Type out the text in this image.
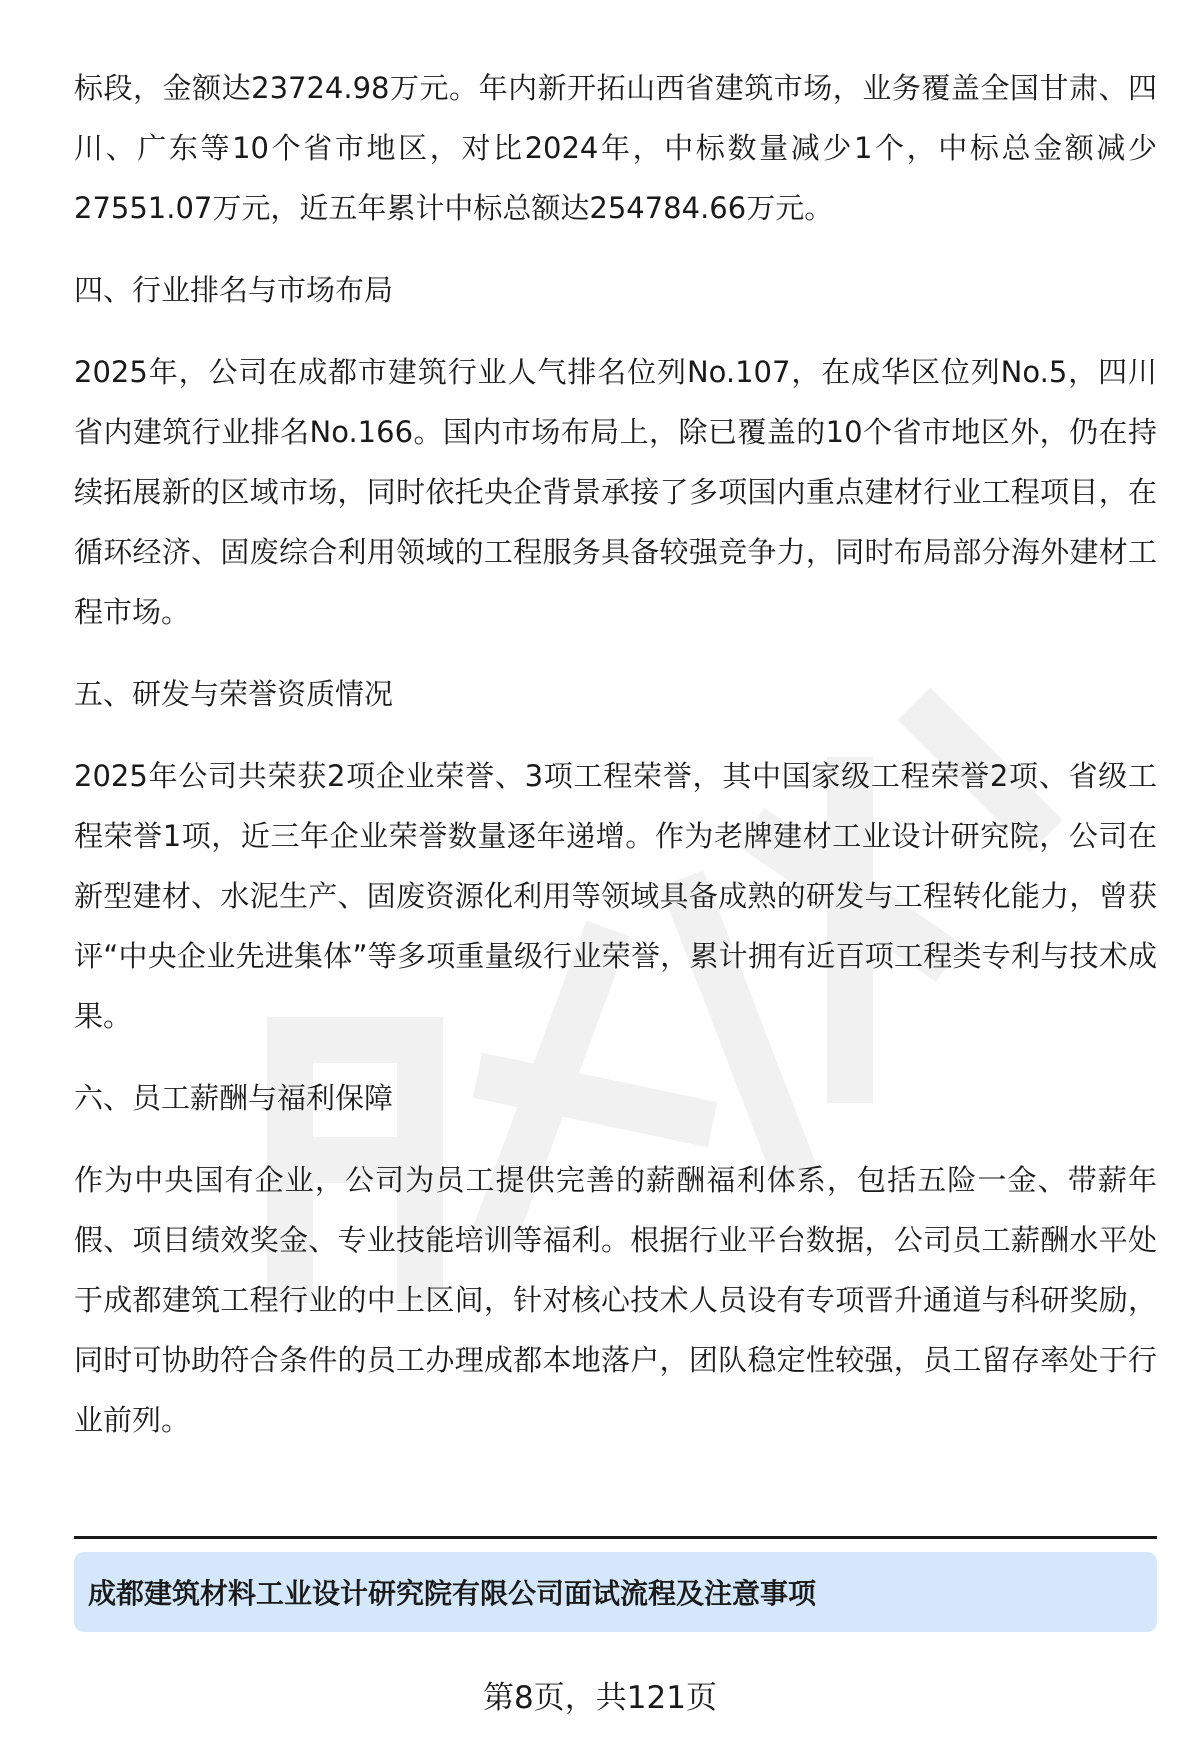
标段，金额达23724.98万元。年内新开拓山西省建筑市场，业务覆盖全国甘肃、四川、广东等10个省市地区，对比2024年，中标数量减少1个，中标总金额减少27551.07万元，近五年累计中标总额达254784.66万元。

四、行业排名与市场布局

2025年，公司在成都市建筑行业人气排名位列No.107，在成华区位列No.5，四川省内建筑行业排名No.166。国内市场布局上，除已覆盖的10个省市地区外，仍在持续拓展新的区域市场，同时依托央企背景承接了多项国内重点建材行业工程项目，在循环经济、固废综合利用领域的工程服务具备较强竞争力，同时布局部分海外建材工程市场。

五、研发与荣誉资质情况

2025年公司共荣获2项企业荣誉、3项工程荣誉，其中国家级工程荣誉2项、省级工程荣誉1项，近三年企业荣誉数量逐年递增。作为老牌建材工业设计研究院，公司在新型建材、水泥生产、固废资源化利用等领域具备成熟的研发与工程转化能力，曾获评“中央企业先进集体”等多项重量级行业荣誉，累计拥有近百项工程类专利与技术成果。

六、员工薪酬与福利保障

作为中央国有企业，公司为员工提供完善的薪酬福利体系，包括五险一金、带薪年假、项目绩效奖金、专业技能培训等福利。根据行业平台数据，公司员工薪酬水平处于成都建筑工程行业的中上区间，针对核心技术人员设有专项晋升通道与科研奖励，同时可协助符合条件的员工办理成都本地落户，团队稳定性较强，员工留存率处于行业前列。

成都建筑材料工业设计研究院有限公司面试流程及注意事项
第8页，共121页
